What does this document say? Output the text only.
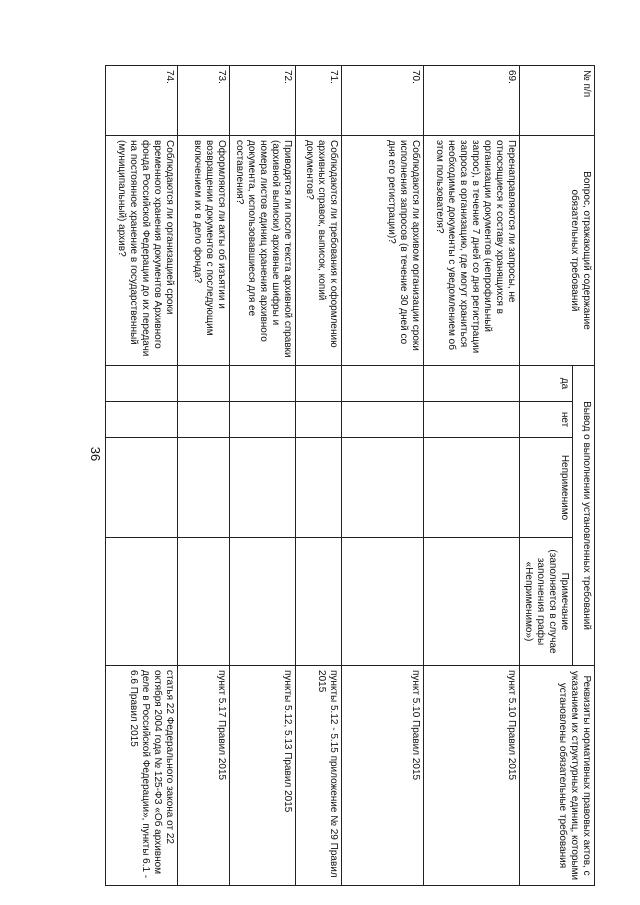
36
№ п/п	Вопрос, отражающий содержание обязательных требований	Вывод о выполнении установленных требований				Реквизиты нормативных правовых актов, с указанием их структурных единиц, которыми установлены обязательные требования
		да	нет	Неприменимо	Примечание (заполняется в случае заполнения графы «Неприменимо»)	
69.	Перенаправляются ли запросы, не относящиеся к составу хранящихся в организации документов (непрофильный запрос), в течение 7 дней со дня регистрации запроса в организацию, где могут храниться необходимые документы с уведомлением об этом пользователя?					пункт 5.10 Правил 2015
70.	Соблюдаются ли архивом организации сроки исполнения запросов (в течение 30 дней со дня его регистрации)?					пункт 5.10 Правил 2015
71.	Соблюдаются ли требования к оформлению архивных справок, выписок, копий документов?					пункты 5.12 - 5.15 приложение № 29 Правил 2015
72.	Приводятся ли после текста архивной справки (архивной выписки) архивные шифры и номера листов единиц хранения архивного документа, использовавшиеся для ее составления?					пункты 5.12, 5.13 Правил 2015
73.	Оформляются ли акты об изъятии и возвращении документов с последующим включением их в дело фонда?					пункт 5.17 Правил 2015
74.	Соблюдаются ли организацией сроки временного хранения документов Архивного фонда Российской Федерации до их передачи на постоянное хранение в государственный (муниципальный) архив?					статья 22 Федерального закона от 22 октября 2004 года № 125-ФЗ «Об архивном деле в Российской Федерации», пункты 6.1 - 6.6 Правил 2015
